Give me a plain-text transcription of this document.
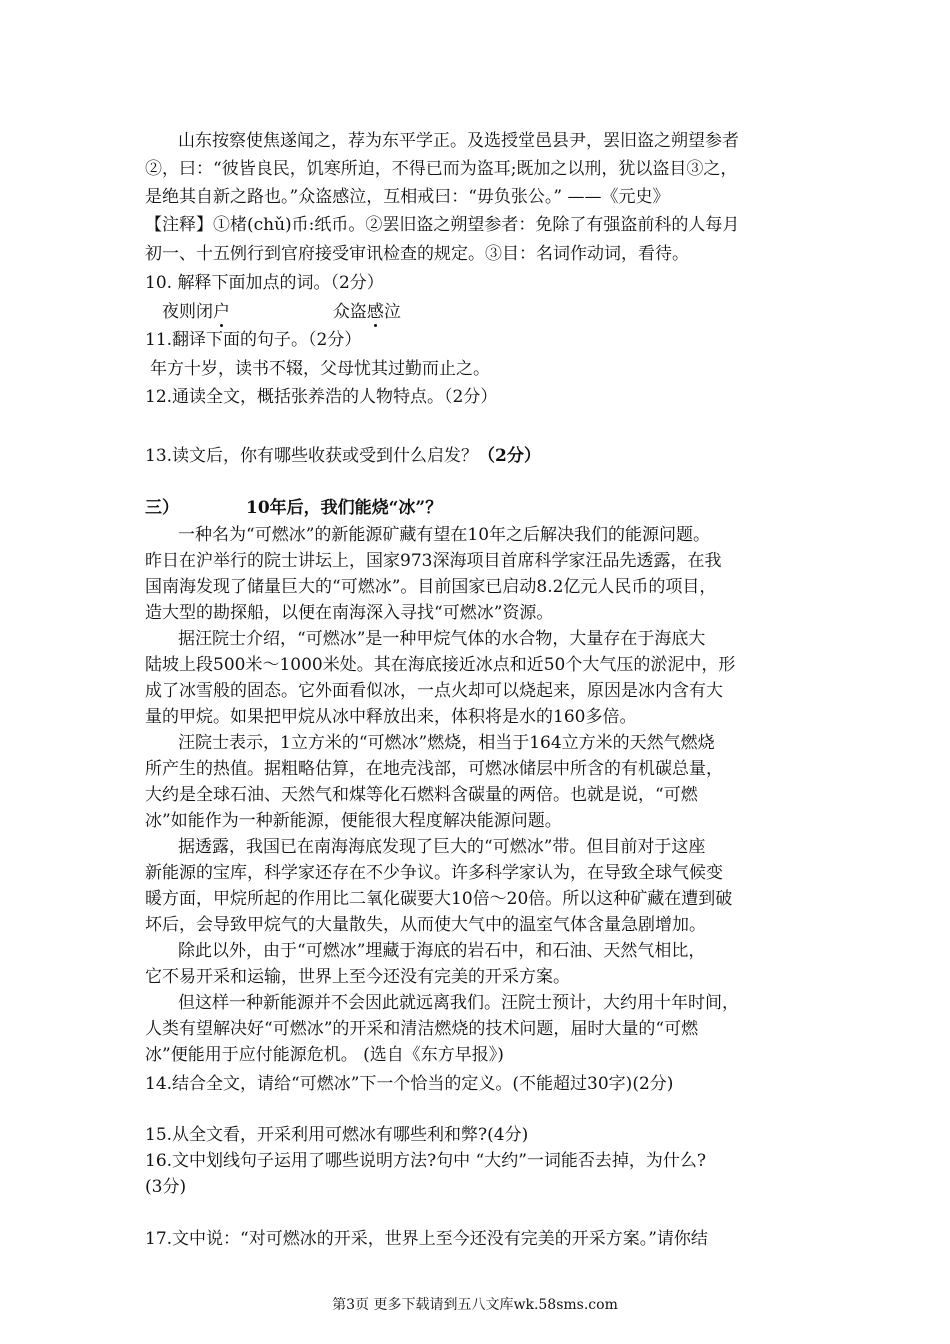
山东按察使焦遂闻之，荐为东平学正。及选授堂邑县尹，罢旧盗之朔望参者
②，曰：“彼皆良民，饥寒所迫，不得已而为盗耳;既加之以刑，犹以盗目③之，
是绝其自新之路也。”众盗感泣，互相戒曰：“毋负张公。” ——《元史》
【注释】①楮(chǔ)币:纸币。②罢旧盗之朔望参者：免除了有强盗前科的人每月
初一、十五例行到官府接受审讯检查的规定。③目：名词作动词，看待。
10. 解释下面加点的词。（2分）
夜则闭户	众盗感泣
11.翻译下面的句子。（2分）
年方十岁，读书不辍，父母忧其过勤而止之。
12.通读全文，概括张养浩的人物特点。（2分）
13.读文后，你有哪些收获或受到什么启发？（2分）
三）	10年后，我们能烧“冰”？
一种名为“可燃冰”的新能源矿藏有望在10年之后解决我们的能源问题。
昨日在沪举行的院士讲坛上，国家973深海项目首席科学家汪品先透露，在我
国南海发现了储量巨大的“可燃冰”。目前国家已启动8.2亿元人民币的项目，
造大型的勘探船，以便在南海深入寻找“可燃冰”资源。
据汪院士介绍，“可燃冰”是一种甲烷气体的水合物，大量存在于海底大
陆坡上段500米～1000米处。其在海底接近冰点和近50个大气压的淤泥中，形
成了冰雪般的固态。它外面看似冰，一点火却可以烧起来，原因是冰内含有大
量的甲烷。如果把甲烷从冰中释放出来，体积将是水的160多倍。
汪院士表示，1立方米的“可燃冰”燃烧，相当于164立方米的天然气燃烧
所产生的热值。据粗略估算，在地壳浅部，可燃冰储层中所含的有机碳总量，
大约是全球石油、天然气和煤等化石燃料含碳量的两倍。也就是说，“可燃
冰”如能作为一种新能源，便能很大程度解决能源问题。
据透露，我国已在南海海底发现了巨大的“可燃冰”带。但目前对于这座
新能源的宝库，科学家还存在不少争议。许多科学家认为，在导致全球气候变
暖方面，甲烷所起的作用比二氧化碳要大10倍～20倍。所以这种矿藏在遭到破
坏后，会导致甲烷气的大量散失，从而使大气中的温室气体含量急剧增加。
除此以外，由于“可燃冰”埋藏于海底的岩石中，和石油、天然气相比，
它不易开采和运输，世界上至今还没有完美的开采方案。
但这样一种新能源并不会因此就远离我们。汪院士预计，大约用十年时间，
人类有望解决好“可燃冰”的开采和清洁燃烧的技术问题，届时大量的“可燃
冰”便能用于应付能源危机。 (选自《东方早报》)
14.结合全文，请给“可燃冰”下一个恰当的定义。(不能超过30字)(2分)
15.从全文看，开采利用可燃冰有哪些利和弊?(4分)
16.文中划线句子运用了哪些说明方法?句中 “大约”一词能否去掉，为什么?
(3分)
17.文中说：“对可燃冰的开采，世界上至今还没有完美的开采方案。”请你结
第3页 更多下载请到五八文库wk.58sms.com
